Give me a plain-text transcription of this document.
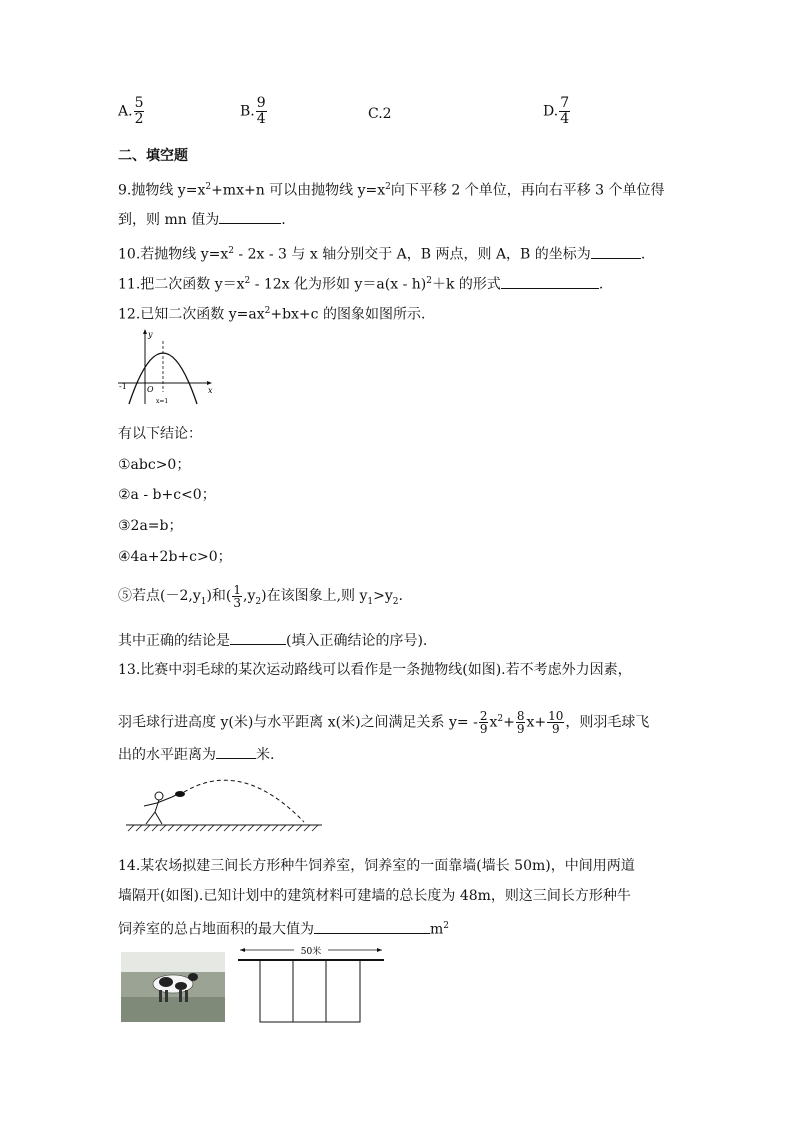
A. $\frac{5}{2}$	B. $\frac{9}{4}$	C.2	D. $\frac{7}{4}$
二、填空题
9.抛物线 $y=x^2+mx+n$ 可以由抛物线 $y=x^2$向下平移 2 个单位，再向右平移 3 个单位得
到，则 mn 值为	.
10.若抛物线 $y=x^2 - 2x - 3$ 与 x 轴分别交于 A，B 两点，则 A，B 的坐标为	.
11.把二次函数 $y=x^2 - 12x$ 化为形如 y＝a(x - h)$^2$＋k 的形式	.
12.已知二次函数 $y=ax^2+bx+c$ 的图象如图所示.
y
x
O
-1
x=1
有以下结论：
①abc>0；
②a - b+c<0；
③2a=b；
④4a+2b+c>0；
⑤若点$(-2,y_1)$和( $\frac{1}{3} ,y_2$)在该图象上,则 $y_1>y_2$.
其中正确的结论是	(填入正确结论的序号).
13.比赛中羽毛球的某次运动路线可以看作是一条抛物线(如图).若不考虑外力因素，
羽毛球行进高度 y(米)与水平距离 x(米)之间满足关系 $y= - \frac{2}{9} x^2+ \frac{8}{9} x+ \frac{10}{9}$ ，则羽毛球飞
出的水平距离为	米.
14.某农场拟建三间长方形种牛饲养室，饲养室的一面靠墙(墙长 50m)，中间用两道
墙隔开(如图).已知计划中的建筑材料可建墙的总长度为 48m，则这三间长方形种牛
饲养室的总占地面积的最大值为	$m^2$
50米
